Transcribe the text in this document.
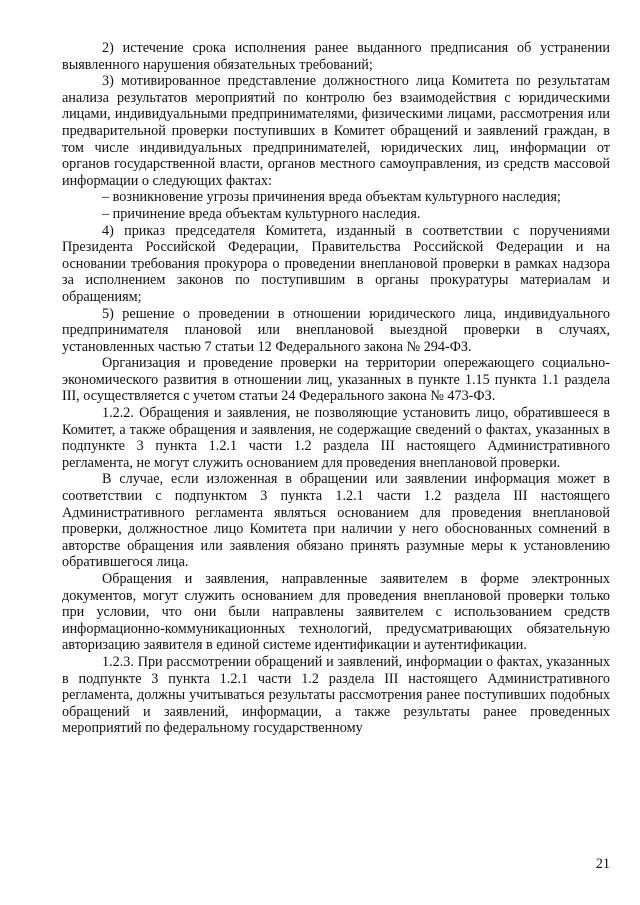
2) истечение срока исполнения ранее выданного предписания об устранении выявленного нарушения обязательных требований;

3) мотивированное представление должностного лица Комитета по результатам анализа результатов мероприятий по контролю без взаимодействия с юридическими лицами, индивидуальными предпринимателями, физическими лицами, рассмотрения или предварительной проверки поступивших в Комитет обращений и заявлений граждан, в том числе индивидуальных предпринимателей, юридических лиц, информации от органов государственной власти, органов местного самоуправления, из средств массовой информации о следующих фактах:

– возникновение угрозы причинения вреда объектам культурного наследия;

– причинение вреда объектам культурного наследия.

4) приказ председателя Комитета, изданный в соответствии с поручениями Президента Российской Федерации, Правительства Российской Федерации и на основании требования прокурора о проведении внеплановой проверки в рамках надзора за исполнением законов по поступившим в органы прокуратуры материалам и обращениям;

5) решение о проведении в отношении юридического лица, индивидуального предпринимателя плановой или внеплановой выездной проверки в случаях, установленных частью 7 статьи 12 Федерального закона № 294-ФЗ.

Организация и проведение проверки на территории опережающего социально-экономического развития в отношении лиц, указанных в пункте 1.15 пункта 1.1 раздела III, осуществляется с учетом статьи 24 Федерального закона № 473-ФЗ.

1.2.2. Обращения и заявления, не позволяющие установить лицо, обратившееся в Комитет, а также обращения и заявления, не содержащие сведений о фактах, указанных в подпункте 3 пункта 1.2.1 части 1.2 раздела III настоящего Административного регламента, не могут служить основанием для проведения внеплановой проверки.

В случае, если изложенная в обращении или заявлении информация может в соответствии с подпунктом 3 пункта 1.2.1 части 1.2 раздела III настоящего Административного регламента являться основанием для проведения внеплановой проверки, должностное лицо Комитета при наличии у него обоснованных сомнений в авторстве обращения или заявления обязано принять разумные меры к установлению обратившегося лица.

Обращения и заявления, направленные заявителем в форме электронных документов, могут служить основанием для проведения внеплановой проверки только при условии, что они были направлены заявителем с использованием средств информационно-коммуникационных технологий, предусматривающих обязательную авторизацию заявителя в единой системе идентификации и аутентификации.

1.2.3. При рассмотрении обращений и заявлений, информации о фактах, указанных в подпункте 3 пункта 1.2.1 части 1.2 раздела III настоящего Административного регламента, должны учитываться результаты рассмотрения ранее поступивших подобных обращений и заявлений, информации, а также результаты ранее проведенных мероприятий по федеральному государственному

21
